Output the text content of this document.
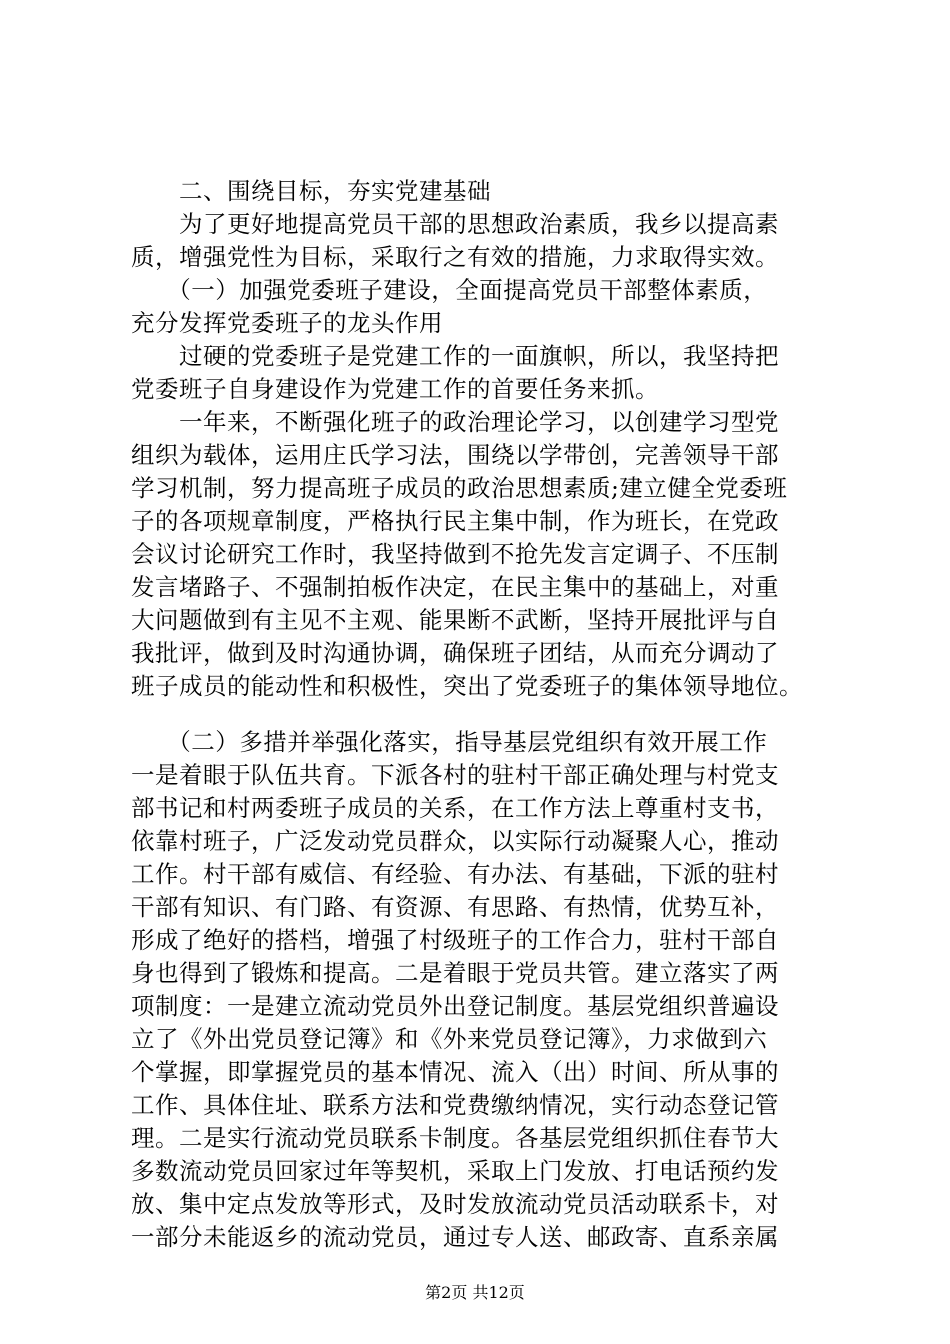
　　二、围绕目标，夯实党建基础
　　为了更好地提高党员干部的思想政治素质，我乡以提高素
质，增强党性为目标，采取行之有效的措施，力求取得实效。
　　（一）加强党委班子建设，全面提高党员干部整体素质，
充分发挥党委班子的龙头作用
　　过硬的党委班子是党建工作的一面旗帜，所以，我坚持把
党委班子自身建设作为党建工作的首要任务来抓。
　　一年来，不断强化班子的政治理论学习，以创建学习型党
组织为载体，运用庄氏学习法，围绕以学带创，完善领导干部
学习机制，努力提高班子成员的政治思想素质;建立健全党委班
子的各项规章制度，严格执行民主集中制，作为班长，在党政
会议讨论研究工作时，我坚持做到不抢先发言定调子、不压制
发言堵路子、不强制拍板作决定，在民主集中的基础上，对重
大问题做到有主见不主观、能果断不武断，坚持开展批评与自
我批评，做到及时沟通协调，确保班子团结，从而充分调动了
班子成员的能动性和积极性，突出了党委班子的集体领导地位。
　　（二）多措并举强化落实，指导基层党组织有效开展工作
一是着眼于队伍共育。下派各村的驻村干部正确处理与村党支
部书记和村两委班子成员的关系，在工作方法上尊重村支书，
依靠村班子，广泛发动党员群众，以实际行动凝聚人心，推动
工作。村干部有威信、有经验、有办法、有基础，下派的驻村
干部有知识、有门路、有资源、有思路、有热情，优势互补，
形成了绝好的搭档，增强了村级班子的工作合力，驻村干部自
身也得到了锻炼和提高。二是着眼于党员共管。建立落实了两
项制度：一是建立流动党员外出登记制度。基层党组织普遍设
立了《外出党员登记簿》和《外来党员登记簿》，力求做到六
个掌握，即掌握党员的基本情况、流入（出）时间、所从事的
工作、具体住址、联系方法和党费缴纳情况，实行动态登记管
理。二是实行流动党员联系卡制度。各基层党组织抓住春节大
多数流动党员回家过年等契机，采取上门发放、打电话预约发
放、集中定点发放等形式，及时发放流动党员活动联系卡，对
一部分未能返乡的流动党员，通过专人送、邮政寄、直系亲属
第2页 共12页
